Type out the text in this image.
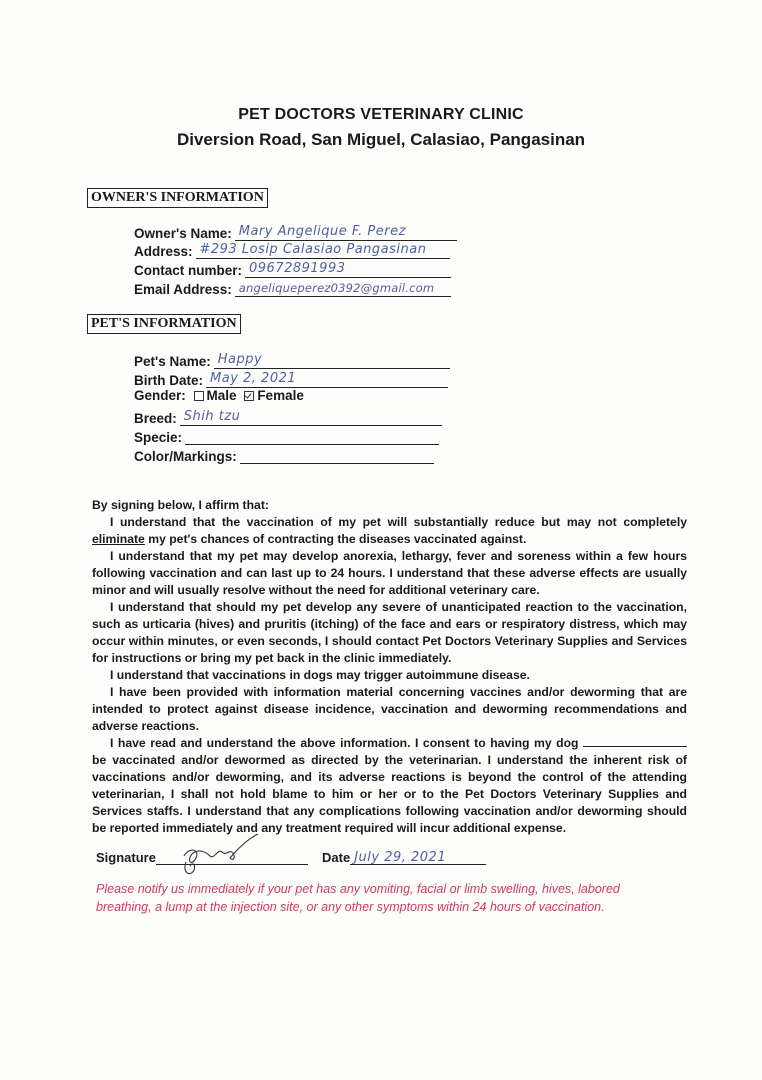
PET DOCTORS VETERINARY CLINIC
Diversion Road, San Miguel, Calasiao, Pangasinan
OWNER'S INFORMATION
Owner's Name: Mary Angelique F. Perez
Address: #293 Losip Calasiao Pangasinan
Contact number: 09672891993
Email Address: angeliqueperez0392@gmail.com
PET'S INFORMATION
Pet's Name: Happy
Birth Date: May 2, 2021
Gender: Male Female
Breed: Shih tzu
Specie:
Color/Markings:

By signing below, I affirm that:

I understand that the vaccination of my pet will substantially reduce but may not completely eliminate my pet's chances of contracting the diseases vaccinated against.

I understand that my pet may develop anorexia, lethargy, fever and soreness within a few hours following vaccination and can last up to 24 hours. I understand that these adverse effects are usually minor and will usually resolve without the need for additional veterinary care.

I understand that should my pet develop any severe of unanticipated reaction to the vaccination, such as urticaria (hives) and pruritis (itching) of the face and ears or respiratory distress, which may occur within minutes, or even seconds, I should contact Pet Doctors Veterinary Supplies and Services for instructions or bring my pet back in the clinic immediately.

I understand that vaccinations in dogs may trigger autoimmune disease.

I have been provided with information material concerning vaccines and/or deworming that are intended to protect against disease incidence, vaccination and deworming recommendations and adverse reactions.

I have read and understand the above information. I consent to having my dog  be vaccinated and/or dewormed as directed by the veterinarian. I understand the inherent risk of vaccinations and/or deworming, and its adverse reactions is beyond the control of the attending veterinarian, I shall not hold blame to him or her or to the Pet Doctors Veterinary Supplies and Services staffs. I understand that any complications following vaccination and/or deworming should be reported immediately and any treatment required will incur additional expense.

Signature	Date July 29, 2021
Please notify us immediately if your pet has any vomiting, facial or limb swelling, hives, labored breathing, a lump at the injection site, or any other symptoms within 24 hours of vaccination.
